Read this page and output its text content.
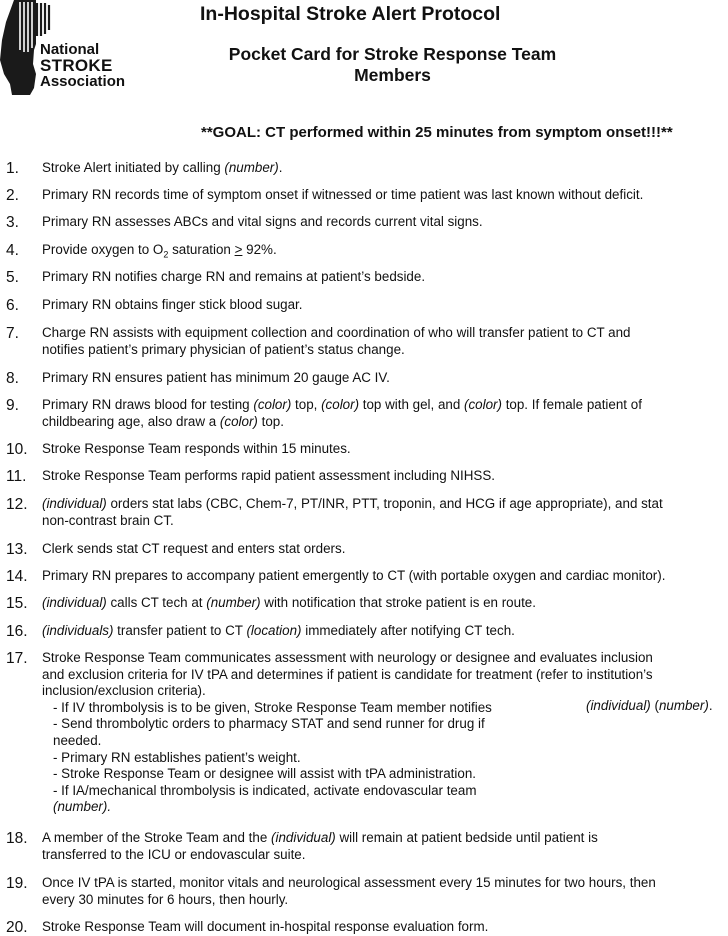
National
STROKE
Association
In-Hospital Stroke Alert Protocol
Pocket Card for Stroke Response Team Members
**GOAL: CT performed within 25 minutes from symptom onset!!!**
1. Stroke Alert initiated by calling (number).
2. Primary RN records time of symptom onset if witnessed or time patient was last known without deficit.
3. Primary RN assesses ABCs and vital signs and records current vital signs.
4. Provide oxygen to $O_2$ saturation > 92%.
5. Primary RN notifies charge RN and remains at patient’s bedside.
6. Primary RN obtains finger stick blood sugar.
7. Charge RN assists with equipment collection and coordination of who will transfer patient to CT and
notifies patient’s primary physician of patient’s status change.
8. Primary RN ensures patient has minimum 20 gauge AC IV.
9. Primary RN draws blood for testing (color) top, (color) top with gel, and (color) top. If female patient of
childbearing age, also draw a (color) top.
10. Stroke Response Team responds within 15 minutes.
11. Stroke Response Team performs rapid patient assessment including NIHSS.
12. (individual) orders stat labs (CBC, Chem-7, PT/INR, PTT, troponin, and HCG if age appropriate), and stat
non-contrast brain CT.
13. Clerk sends stat CT request and enters stat orders.
14. Primary RN prepares to accompany patient emergently to CT (with portable oxygen and cardiac monitor).
15. (individual) calls CT tech at (number) with notification that stroke patient is en route.
16. (individuals) transfer patient to CT (location) immediately after notifying CT tech.
17. Stroke Response Team communicates assessment with neurology or designee and evaluates inclusion
and exclusion criteria for IV tPA and determines if patient is candidate for treatment (refer to institution’s
inclusion/exclusion criteria).
- If IV thrombolysis is to be given, Stroke Response Team member notifies
- Send thrombolytic orders to pharmacy STAT and send runner for drug if
needed.
- Primary RN establishes patient’s weight.
- Stroke Response Team or designee will assist with tPA administration.
- If IA/mechanical thrombolysis is indicated, activate endovascular team
(number).
(individual) (number).
18. A member of the Stroke Team and the (individual) will remain at patient bedside until patient is
transferred to the ICU or endovascular suite.
19. Once IV tPA is started, monitor vitals and neurological assessment every 15 minutes for two hours, then
every 30 minutes for 6 hours, then hourly.
20. Stroke Response Team will document in-hospital response evaluation form.
